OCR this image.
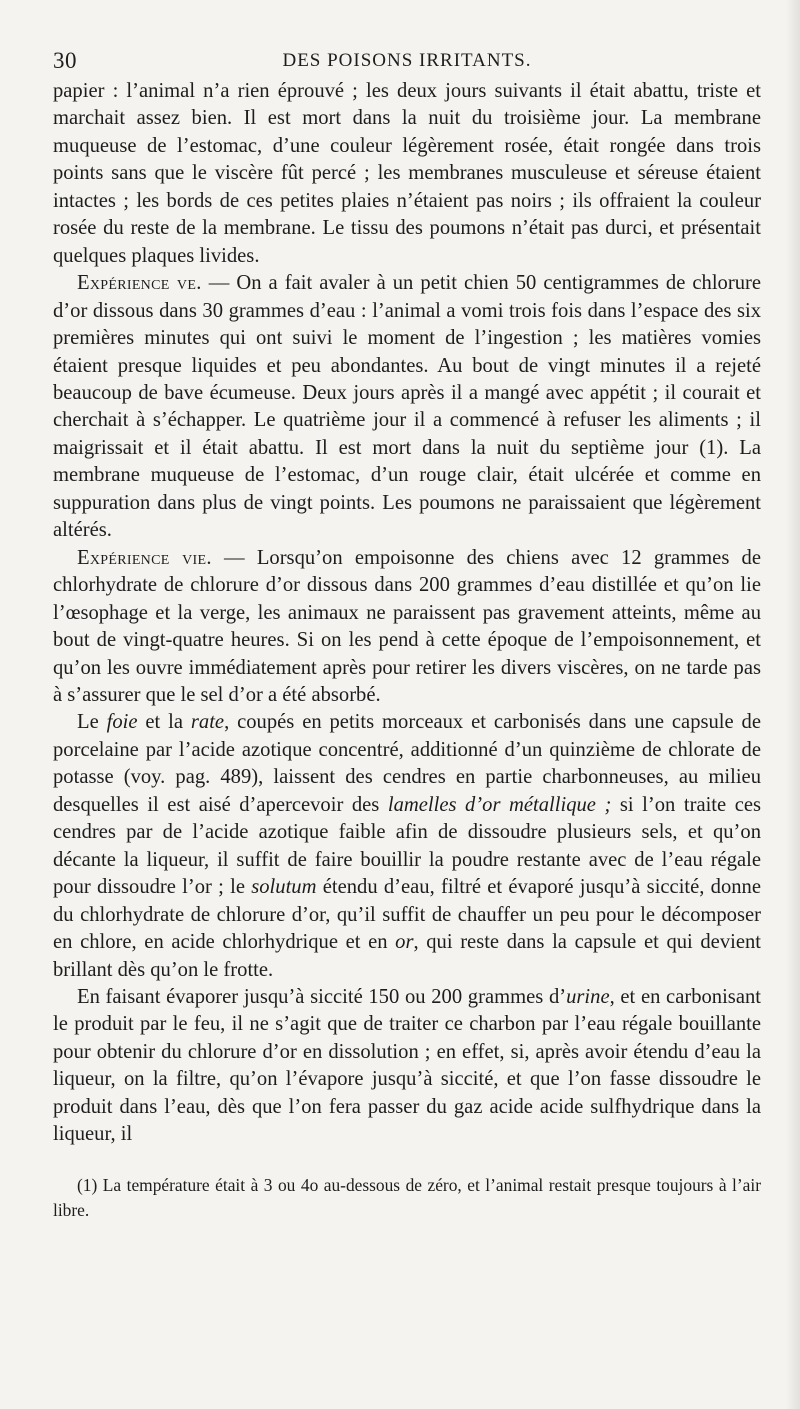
30	DES POISONS IRRITANTS.

papier : l’animal n’a rien éprouvé ; les deux jours suivants il était abattu, triste et marchait assez bien. Il est mort dans la nuit du troisième jour. La membrane muqueuse de l’estomac, d’une couleur légèrement rosée, était rongée dans trois points sans que le viscère fût percé ; les membranes musculeuse et séreuse étaient intactes ; les bords de ces petites plaies n’étaient pas noirs ; ils offraient la couleur rosée du reste de la membrane. Le tissu des poumons n’était pas durci, et présentait quelques plaques livides.

Expérience ve. — On a fait avaler à un petit chien 50 centigrammes de chlorure d’or dissous dans 30 grammes d’eau : l’animal a vomi trois fois dans l’espace des six premières minutes qui ont suivi le moment de l’ingestion ; les matières vomies étaient presque liquides et peu abondantes. Au bout de vingt minutes il a rejeté beaucoup de bave écumeuse. Deux jours après il a mangé avec appétit ; il courait et cherchait à s’échapper. Le quatrième jour il a commencé à refuser les aliments ; il maigrissait et il était abattu. Il est mort dans la nuit du septième jour (1). La membrane muqueuse de l’estomac, d’un rouge clair, était ulcérée et comme en suppuration dans plus de vingt points. Les poumons ne paraissaient que légèrement altérés.

Expérience vie. — Lorsqu’on empoisonne des chiens avec 12 grammes de chlorhydrate de chlorure d’or dissous dans 200 grammes d’eau distillée et qu’on lie l’œsophage et la verge, les animaux ne paraissent pas gravement atteints, même au bout de vingt-quatre heures. Si on les pend à cette époque de l’empoisonnement, et qu’on les ouvre immédiatement après pour retirer les divers viscères, on ne tarde pas à s’assurer que le sel d’or a été absorbé.

Le foie et la rate, coupés en petits morceaux et carbonisés dans une capsule de porcelaine par l’acide azotique concentré, additionné d’un quinzième de chlorate de potasse (voy. pag. 489), laissent des cendres en partie charbonneuses, au milieu desquelles il est aisé d’apercevoir des lamelles d’or métallique ; si l’on traite ces cendres par de l’acide azotique faible afin de dissoudre plusieurs sels, et qu’on décante la liqueur, il suffit de faire bouillir la poudre restante avec de l’eau régale pour dissoudre l’or ; le solutum étendu d’eau, filtré et évaporé jusqu’à siccité, donne du chlorhydrate de chlorure d’or, qu’il suffit de chauffer un peu pour le décomposer en chlore, en acide chlorhydrique et en or, qui reste dans la capsule et qui devient brillant dès qu’on le frotte.

En faisant évaporer jusqu’à siccité 150 ou 200 grammes d’urine, et en carbonisant le produit par le feu, il ne s’agit que de traiter ce charbon par l’eau régale bouillante pour obtenir du chlorure d’or en dissolution ; en effet, si, après avoir étendu d’eau la liqueur, on la filtre, qu’on l’évapore jusqu’à siccité, et que l’on fasse dissoudre le produit dans l’eau, dès que l’on fera passer du gaz acide acide sulfhydrique dans la liqueur, il

(1) La température était à 3 ou 4o au-dessous de zéro, et l’animal restait presque toujours à l’air libre.
